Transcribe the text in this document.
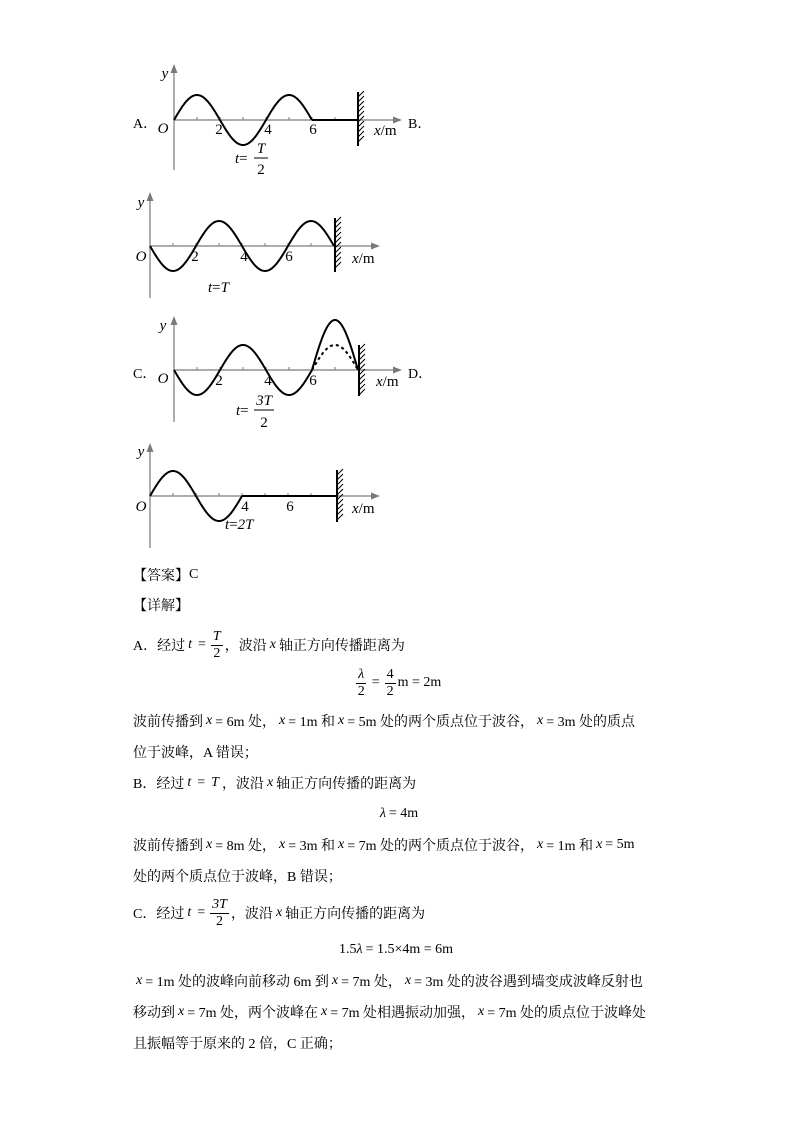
A．
y
O	2	4	6	x/m
t=
T
2
B．
y
O	2	4	6	x/m
t=T
C．
y
O	2	4	6	x/m
t=
3T
2
D．
y
O	4	6	x/m
t=2T
【答案】 C
【详解】
A．经过 $t = \frac{T}{2}$ ，波沿 x 轴正方向传播距离为
$\frac{\lambda}{2} = \frac{4}{2}$ m = 2m
波前传播到 x = 6m 处， x = 1m 和 x = 5m 处的两个质点位于波谷， x = 3m 处的质点
位于波峰，A 错误；
B．经过 t = T ，波沿 x 轴正方向传播的距离为
λ = 4m
波前传播到 x = 8m 处， x = 3m 和 x = 7m 处的两个质点位于波谷， x = 1m 和 x = 5m
处的两个质点位于波峰，B 错误；
C．经过 $t = \frac{3T}{2}$ ，波沿 x 轴正方向传播的距离为
1.5 λ = 1.5×4m = 6m
x = 1m 处的波峰向前移动 6m 到 x = 7m 处， x = 3m 处的波谷遇到墙变成波峰反射也
移动到 x = 7m 处，两个波峰在 x = 7m 处相遇振动加强， x = 7m 处的质点位于波峰处
且振幅等于原来的 2 倍，C 正确；
